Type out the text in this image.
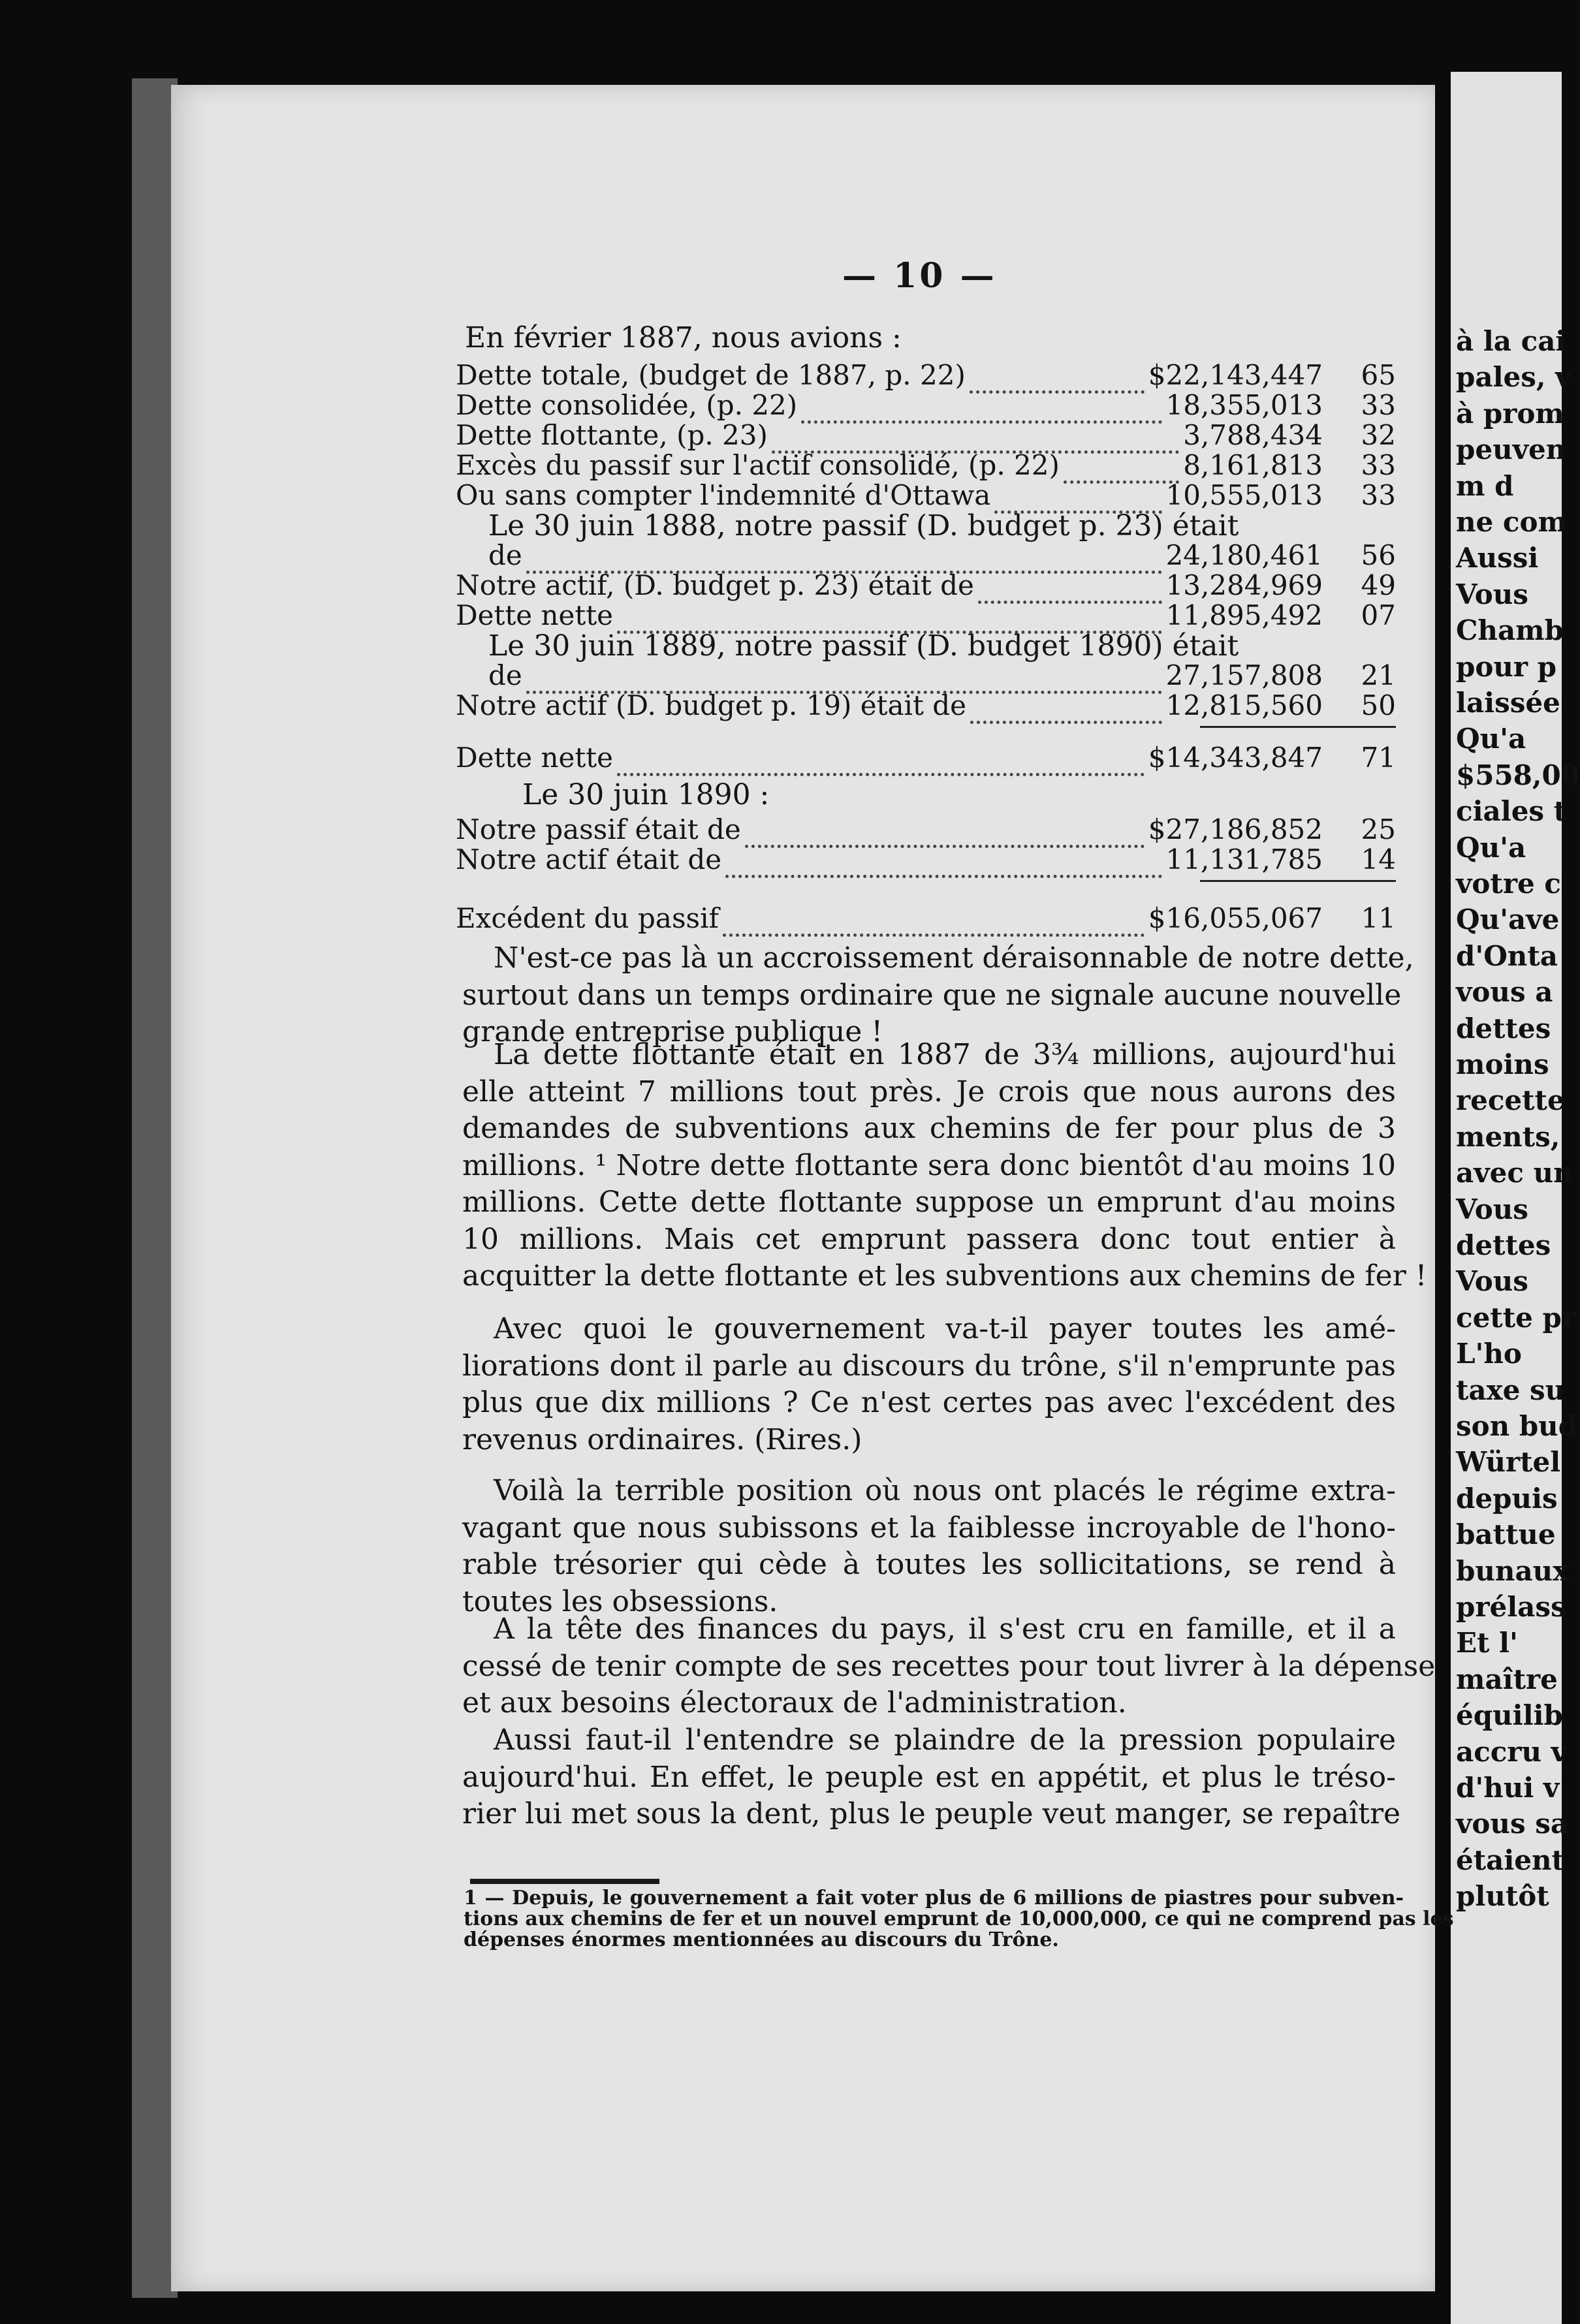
— 10 —
En février 1887, nous avions :
Dette totale, (budget de 1887, p. 22)	$22,143,447 65
Dette consolidée, (p. 22)	18,355,013 33
Dette flottante, (p. 23)	3,788,434 32
Excès du passif sur l'actif consolidé, (p. 22)	8,161,813 33
Ou sans compter l'indemnité d'Ottawa	10,555,013 33
Le 30 juin 1888, notre passif (D. budget p. 23) était
de	24,180,461 56
Notre actif, (D. budget p. 23) était de	13,284,969 49
Dette nette	11,895,492 07
Le 30 juin 1889, notre passif (D. budget 1890) était
de	27,157,808 21
Notre actif (D. budget p. 19) était de	12,815,560 50
Dette nette	$14,343,847 71
Le 30 juin 1890 :
Notre passif était de	$27,186,852 25
Notre actif était de	11,131,785 14
Excédent du passif	$16,055,067 11
N'est-ce pas là un accroissement déraisonnable de notre dette,
surtout dans un temps ordinaire que ne signale aucune nouvelle
grande entreprise publique !
La dette flottante était en 1887 de 3¾ millions, aujourd'hui
elle atteint 7 millions tout près. Je crois que nous aurons des
demandes de subventions aux chemins de fer pour plus de 3
millions. ¹ Notre dette flottante sera donc bientôt d'au moins 10
millions. Cette dette flottante suppose un emprunt d'au moins
10 millions. Mais cet emprunt passera donc tout entier à
acquitter la dette flottante et les subventions aux chemins de fer !
Avec quoi le gouvernement va-t-il payer toutes les amé-
liorations dont il parle au discours du trône, s'il n'emprunte pas
plus que dix millions ? Ce n'est certes pas avec l'excédent des
revenus ordinaires. (Rires.)
Voilà la terrible position où nous ont placés le régime extra-
vagant que nous subissons et la faiblesse incroyable de l'hono-
rable trésorier qui cède à toutes les sollicitations, se rend à
toutes les obsessions.
A la tête des finances du pays, il s'est cru en famille, et il a
cessé de tenir compte de ses recettes pour tout livrer à la dépense
et aux besoins électoraux de l'administration.
Aussi faut-il l'entendre se plaindre de la pression populaire
aujourd'hui. En effet, le peuple est en appétit, et plus le tréso-
rier lui met sous la dent, plus le peuple veut manger, se repaître
1 — Depuis, le gouvernement a fait voter plus de 6 millions de piastres pour subven-
tions aux chemins de fer et un nouvel emprunt de 10,000,000, ce qui ne comprend pas les
dépenses énormes mentionnées au discours du Trône.
à la cai
pales, v
à prom
peuven
m d
ne com
Aussi
Vous
Chamb
pour p
laissée
Qu'a
$558,00
ciales t
Qu'a
votre c
Qu'ave
d'Onta
vous a
dettes
moins
recette
ments,
avec un
Vous
dettes
Vous
cette pr
L'ho
taxe su
son bud
Würtel
depuis
battue
bunaux
prélass
Et l'
maître
équilib
accru v
d'hui v
vous sa
étaient
plutôt
